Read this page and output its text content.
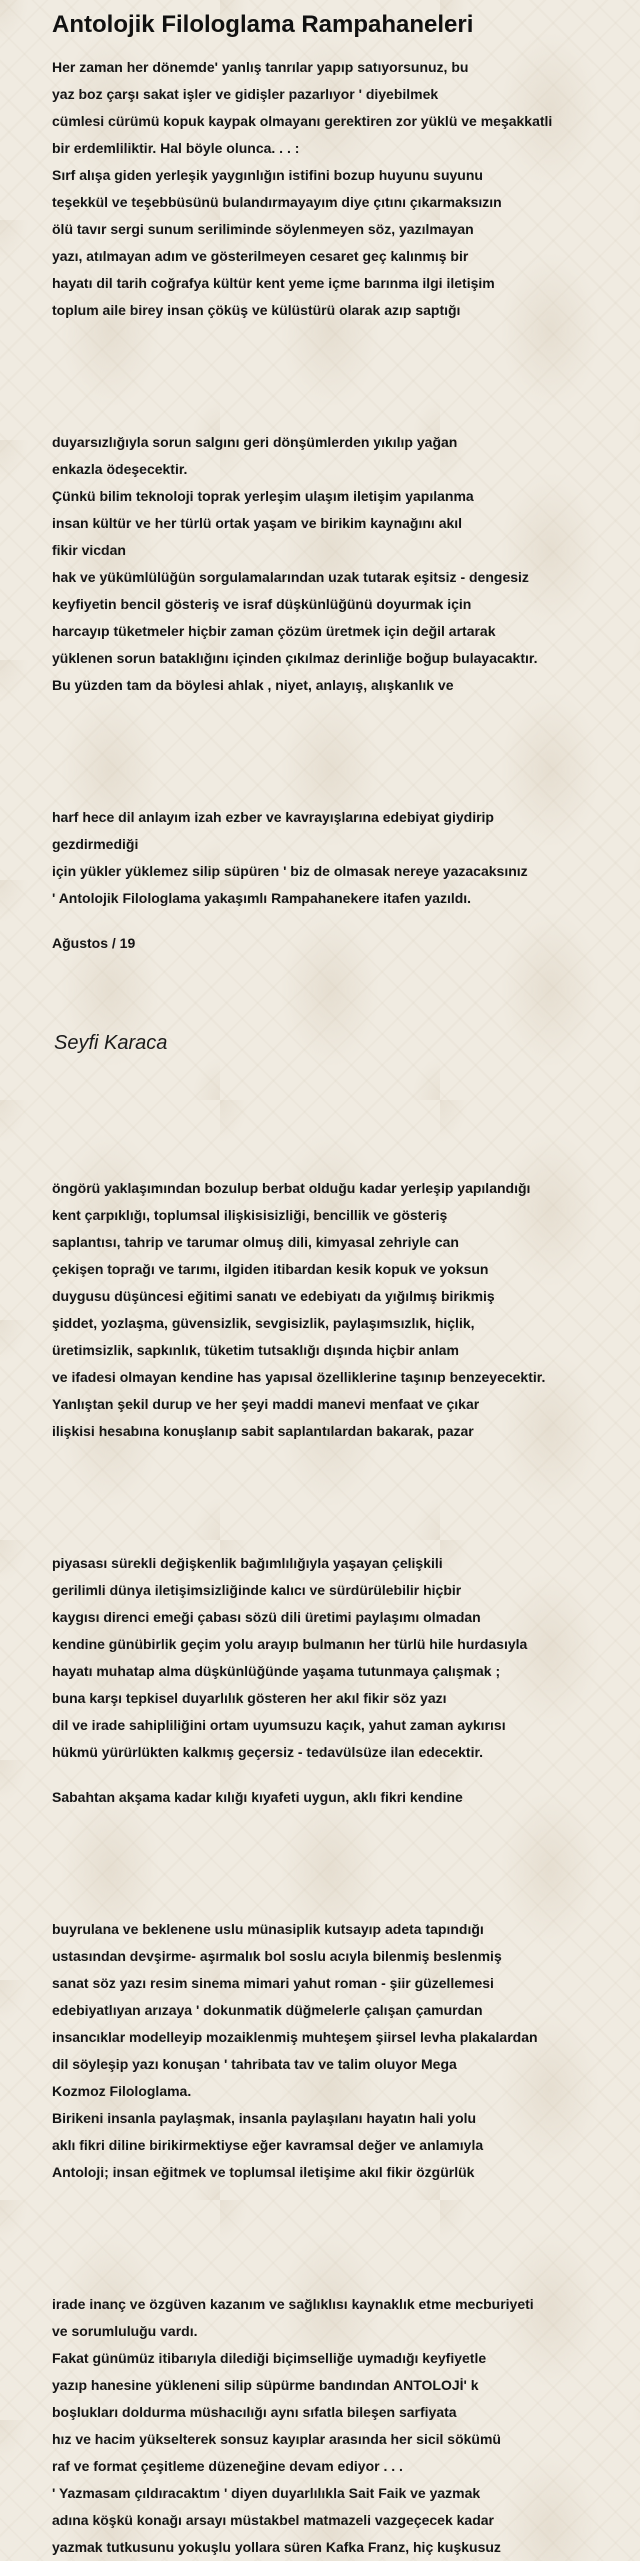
Antolojik Filologlama Rampahaneleri
Her zaman her dönemde' yanlış tanrılar yapıp satıyorsunuz, bu
yaz boz çarşı sakat işler ve gidişler pazarlıyor ' diyebilmek
cümlesi cürümü kopuk kaypak olmayanı gerektiren zor yüklü ve meşakkatli
bir erdemliliktir. Hal böyle olunca. . . :
Sırf alışa giden yerleşik yaygınlığın istifini bozup huyunu suyunu
teşekkül ve teşebbüsünü bulandırmayayım diye çıtını çıkarmaksızın
ölü tavır sergi sunum seriliminde söylenmeyen söz, yazılmayan
yazı, atılmayan adım ve gösterilmeyen cesaret geç kalınmış bir
hayatı dil tarih coğrafya kültür kent yeme içme barınma ilgi iletişim
toplum aile birey insan çöküş ve külüstürü olarak azıp saptığı
duyarsızlığıyla sorun salgını geri dönşümlerden yıkılıp yağan
enkazla ödeşecektir.
Çünkü bilim teknoloji toprak yerleşim ulaşım iletişim yapılanma
insan kültür ve her türlü ortak yaşam ve birikim kaynağını akıl
fikir vicdan
hak ve yükümlülüğün sorgulamalarından uzak tutarak eşitsiz - dengesiz
keyfiyetin bencil gösteriş ve israf düşkünlüğünü doyurmak için
harcayıp tüketmeler hiçbir zaman çözüm üretmek için değil artarak
yüklenen sorun bataklığını içinden çıkılmaz derinliğe boğup bulayacaktır.
Bu yüzden tam da böylesi ahlak , niyet, anlayış, alışkanlık ve
harf hece dil anlayım izah ezber ve kavrayışlarına edebiyat giydirip
gezdirmediği
için yükler yüklemez silip süpüren ' biz de olmasak nereye yazacaksınız
' Antolojik Filologlama yakaşımlı Rampahanekere itafen yazıldı.
Ağustos / 19
Seyfi Karaca
öngörü yaklaşımından bozulup berbat olduğu kadar yerleşip yapılandığı
kent çarpıklığı, toplumsal ilişkisisizliği, bencillik ve gösteriş
saplantısı, tahrip ve tarumar olmuş dili, kimyasal zehriyle can
çekişen toprağı ve tarımı, ilgiden itibardan kesik kopuk ve yoksun
duygusu düşüncesi eğitimi sanatı ve edebiyatı da yığılmış birikmiş
şiddet, yozlaşma, güvensizlik, sevgisizlik, paylaşımsızlık, hiçlik,
üretimsizlik, sapkınlık, tüketim tutsaklığı dışında hiçbir anlam
ve ifadesi olmayan kendine has yapısal özelliklerine taşınıp benzeyecektir.
Yanlıştan şekil durup ve her şeyi maddi manevi menfaat ve çıkar
ilişkisi hesabına konuşlanıp sabit saplantılardan bakarak, pazar
piyasası sürekli değişkenlik bağımlılığıyla yaşayan çelişkili
gerilimli dünya iletişimsizliğinde kalıcı ve sürdürülebilir hiçbir
kaygısı direnci emeği çabası sözü dili üretimi paylaşımı olmadan
kendine günübirlik geçim yolu arayıp bulmanın her türlü hile hurdasıyla
hayatı muhatap alma düşkünlüğünde yaşama tutunmaya çalışmak ;
buna karşı tepkisel duyarlılık gösteren her akıl fikir söz yazı
dil ve irade sahipliliğini ortam uyumsuzu kaçık, yahut zaman aykırısı
hükmü yürürlükten kalkmış geçersiz - tedavülsüze ilan edecektir.
Sabahtan akşama kadar kılığı kıyafeti uygun, aklı fikri kendine
buyrulana ve beklenene uslu münasiplik kutsayıp adeta tapındığı
ustasından devşirme- aşırmalık bol soslu acıyla bilenmiş beslenmiş
sanat söz yazı resim sinema mimari yahut roman - şiir güzellemesi
edebiyatlıyan arızaya ' dokunmatik düğmelerle çalışan çamurdan
insancıklar modelleyip mozaiklenmiş muhteşem şiirsel levha plakalardan
dil söyleşip yazı konuşan ' tahribata tav ve talim oluyor Mega
Kozmoz Filologlama.
Birikeni insanla paylaşmak, insanla paylaşılanı hayatın hali yolu
aklı fikri diline birikirmektiyse eğer kavramsal değer ve anlamıyla
Antoloji; insan eğitmek ve toplumsal iletişime akıl fikir özgürlük
irade inanç ve özgüven kazanım ve sağlıklısı kaynaklık etme mecburiyeti
ve sorumluluğu vardı.
Fakat günümüz itibarıyla dilediği biçimselliğe uymadığı keyfiyetle
yazıp hanesine yükleneni silip süpürme bandından ANTOLOJİ' k
boşlukları doldurma müshacılığı aynı sıfatla bileşen sarfiyata
hız ve hacim yükselterek sonsuz kayıplar arasında her sicil sökümü
raf ve format çeşitleme düzeneğine devam ediyor . . .
' Yazmasam çıldıracaktım ' diyen duyarlılıkla Sait Faik ve yazmak
adına köşkü konağı arsayı müstakbel matmazeli vazgeçecek kadar
yazmak tutkusunu yokuşlu yollara süren Kafka Franz, hiç kuşkusuz
